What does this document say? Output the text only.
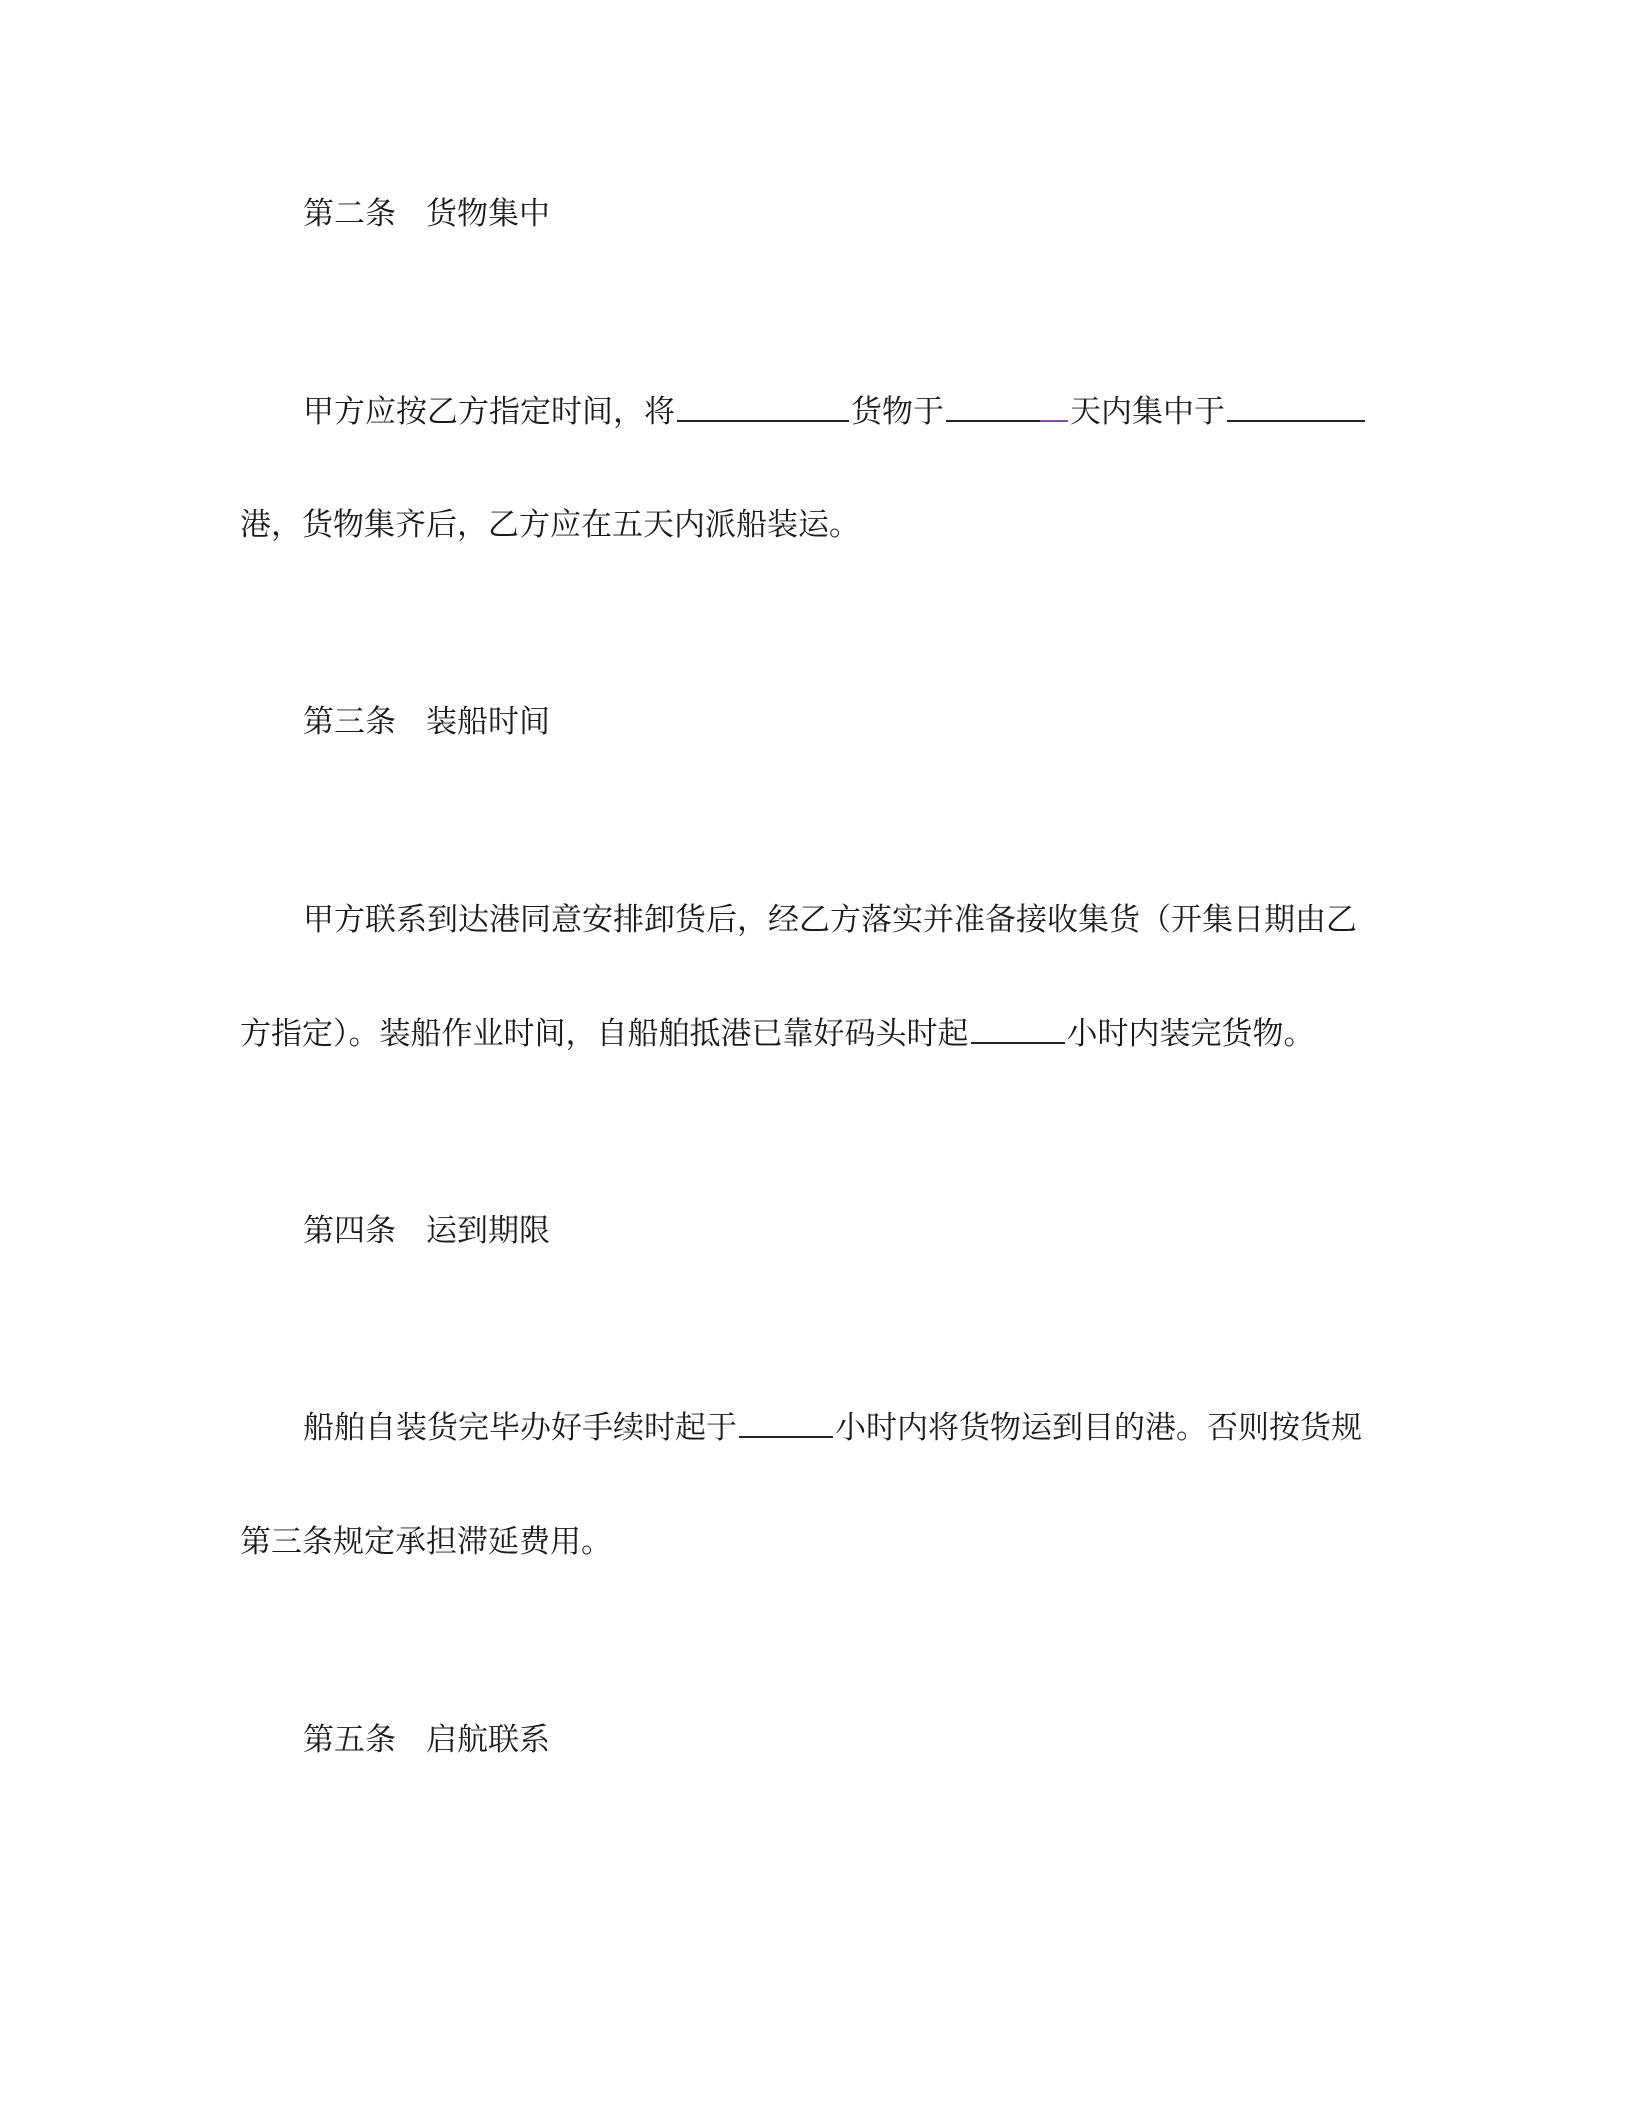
第二条 货物集中
甲方应按乙方指定时间，将	货物于	天内集中于
港，货物集齐后，乙方应在五天内派船装运。
第三条 装船时间
甲方联系到达港同意安排卸货后，经乙方落实并准备接收集货（开集日期由乙
方指定）。装船作业时间，自船舶抵港已靠好码头时起	小时内装完货物。
第四条 运到期限
船舶自装货完毕办好手续时起于	小时内将货物运到目的港。否则按货规
第三条规定承担滞延费用。
第五条 启航联系
